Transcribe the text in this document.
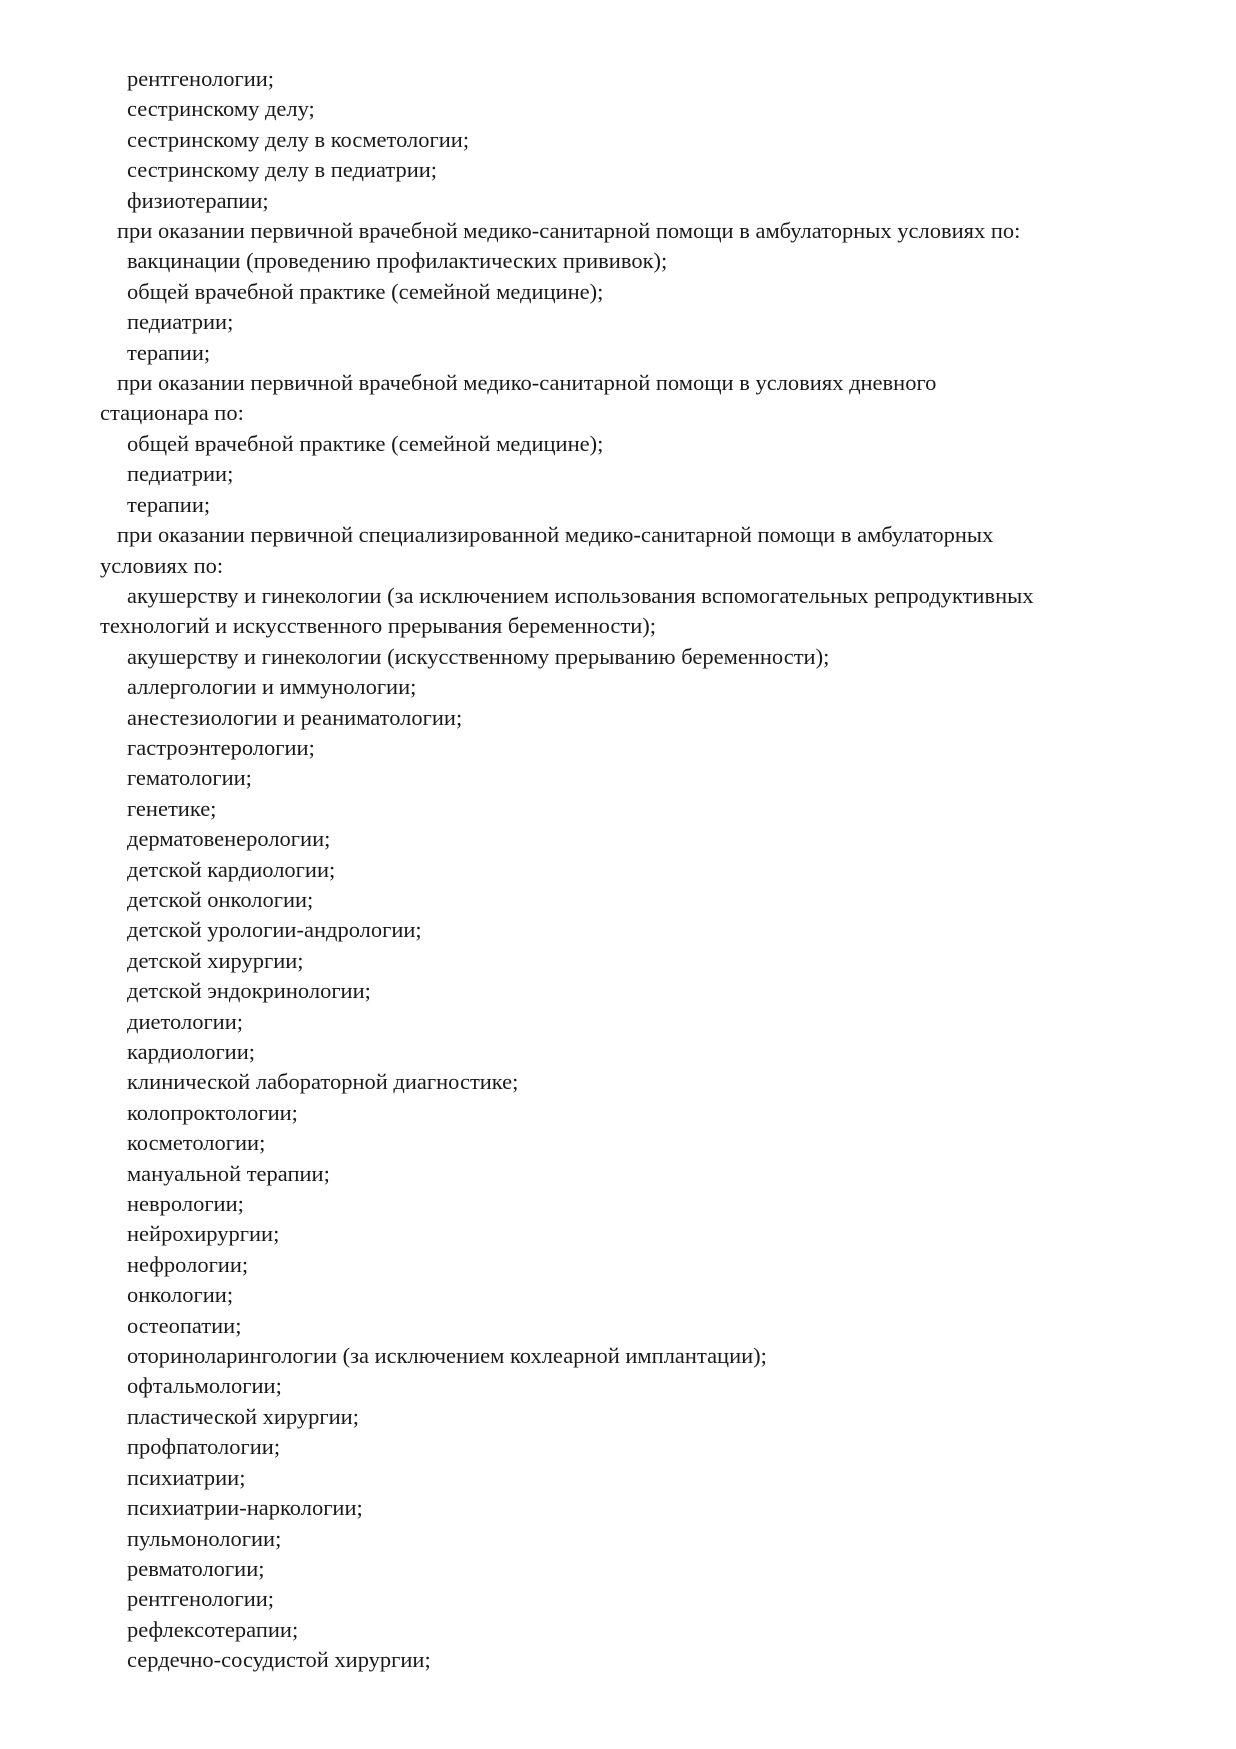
рентгенологии;
сестринскому делу;
сестринскому делу в косметологии;
сестринскому делу в педиатрии;
физиотерапии;
при оказании первичной врачебной медико-санитарной помощи в амбулаторных условиях по:
вакцинации (проведению профилактических прививок);
общей врачебной практике (семейной медицине);
педиатрии;
терапии;
при оказании первичной врачебной медико-санитарной помощи в условиях дневного
стационара по:
общей врачебной практике (семейной медицине);
педиатрии;
терапии;
при оказании первичной специализированной медико-санитарной помощи в амбулаторных
условиях по:
акушерству и гинекологии (за исключением использования вспомогательных репродуктивных
технологий и искусственного прерывания беременности);
акушерству и гинекологии (искусственному прерыванию беременности);
аллергологии и иммунологии;
анестезиологии и реаниматологии;
гастроэнтерологии;
гематологии;
генетике;
дерматовенерологии;
детской кардиологии;
детской онкологии;
детской урологии-андрологии;
детской хирургии;
детской эндокринологии;
диетологии;
кардиологии;
клинической лабораторной диагностике;
колопроктологии;
косметологии;
мануальной терапии;
неврологии;
нейрохирургии;
нефрологии;
онкологии;
остеопатии;
оториноларингологии (за исключением кохлеарной имплантации);
офтальмологии;
пластической хирургии;
профпатологии;
психиатрии;
психиатрии-наркологии;
пульмонологии;
ревматологии;
рентгенологии;
рефлексотерапии;
сердечно-сосудистой хирургии;
